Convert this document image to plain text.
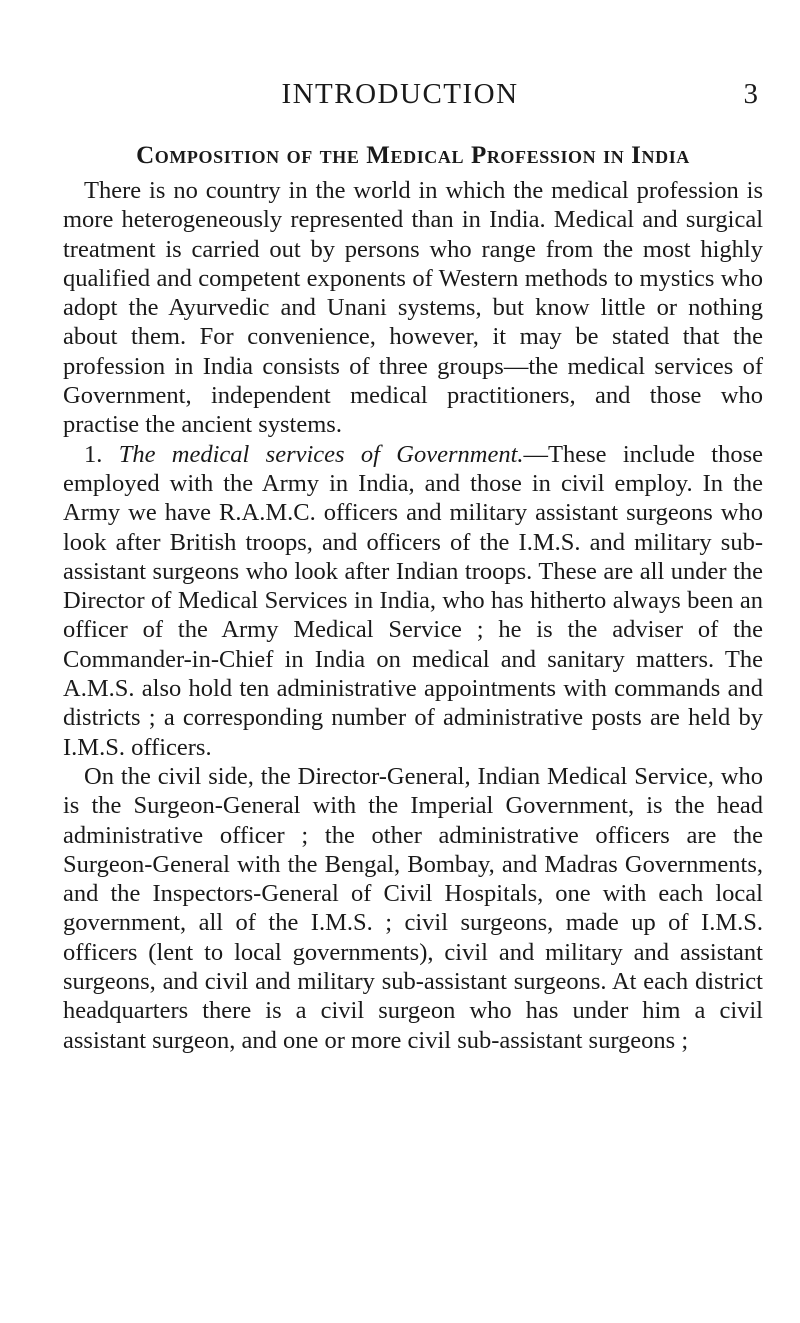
INTRODUCTION	3
Composition of the Medical Profession in India

There is no country in the world in which the medical profession is more heterogeneously represented than in India. Medical and surgical treatment is carried out by persons who range from the most highly qualified and competent exponents of Western methods to mystics who adopt the Ayurvedic and Unani systems, but know little or nothing about them. For convenience, however, it may be stated that the profession in India consists of three groups—the medical services of Government, independent medical practitioners, and those who practise the ancient systems.

1. The medical services of Government.—These include those employed with the Army in India, and those in civil employ. In the Army we have R.A.M.C. officers and military assistant surgeons who look after British troops, and officers of the I.M.S. and military sub-assistant surgeons who look after Indian troops. These are all under the Director of Medical Services in India, who has hitherto always been an officer of the Army Medical Service ; he is the adviser of the Commander-in-Chief in India on medical and sanitary matters. The A.M.S. also hold ten administrative appointments with commands and districts ; a corresponding number of administrative posts are held by I.M.S. officers.

On the civil side, the Director-General, Indian Medical Service, who is the Surgeon-General with the Imperial Government, is the head administrative officer ; the other administrative officers are the Surgeon-General with the Bengal, Bombay, and Madras Governments, and the Inspectors-General of Civil Hospitals, one with each local government, all of the I.M.S. ; civil surgeons, made up of I.M.S. officers (lent to local governments), civil and military and assistant surgeons, and civil and military sub-assistant surgeons. At each district headquarters there is a civil surgeon who has under him a civil assistant surgeon, and one or more civil sub-assistant surgeons ;
